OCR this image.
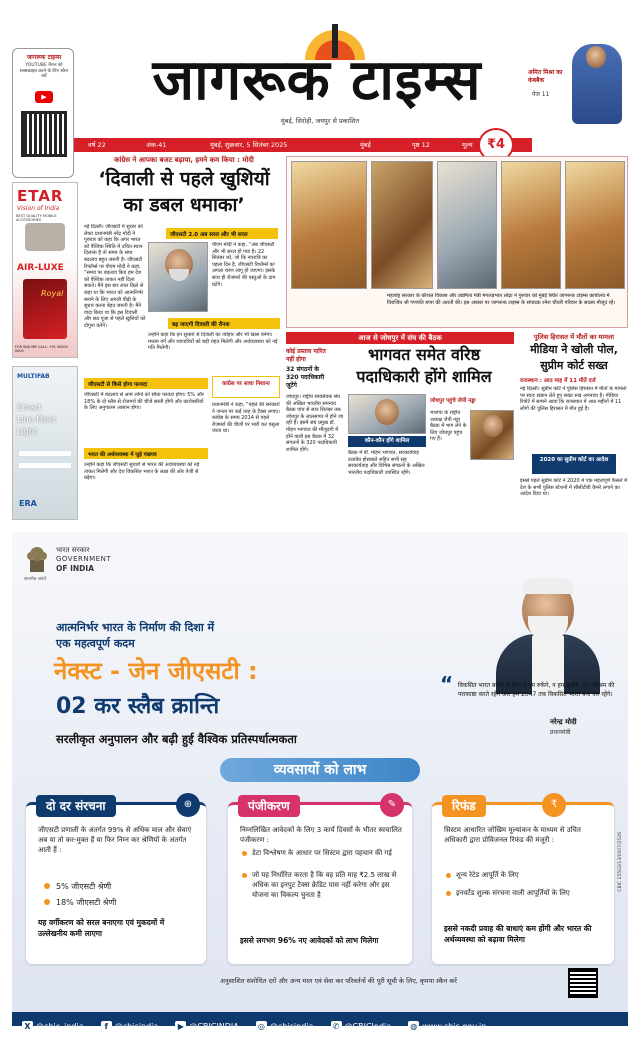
जागरूक टाइम्स
YOUTUBE चैनल को सब्सक्राइब करने के लिए स्कैन करें
▶	जागरूक टाइम्स
मुंबई, सिरोही, जयपुर से प्रकाशित
अमित मिश्रा का कंबबैक
पेज 11
वर्ष 22	अंक-41	मुंबई, शुक्रवार, 5 सितंबर 2025	मुंबई	पृष्ठ 12	मूल्य	₹4
ETAR
Vision of India
BEST QUALITY MOBILE ACCESSORIES
AIR-LUXE
Royal
FOR INQUIRY CALL: +91 00000 0000
MULTIFAB
Smart
Line Meet
Light
ERA
कांग्रेस ने आपका बजट बढ़ाया, हमने कम किया : मोदी
‘दिवाली से पहले खुशियों
का डबल धमाका’
नई दिल्ली। जीएसटी में सुधार को लेकर प्रधानमंत्री नरेंद्र मोदी ने गुरुवार को कहा कि अगर भारत को वैश्विक स्थिति में उचित स्थान दिलाना है तो समय के साथ बदलाव बहुत जरूरी है। जीएसटी रिफॉर्म्स पर पीएम मोदी ने कहा, “समय पर बदलाव किए हम देश को वैश्विक ताकत नहीं दिला सकते। मैंने इस बार लाल किले से कहा था कि भारत को आत्मनिर्भर बनाने के लिए अगली पीढ़ी के सुधार करना बेहद जरूरी है। मैंने वादा किया था कि इस दिवाली और छठ पूजा से पहले खुशियों को दोगुना करेंगे।
जीएसटी 2.0 अब सरल और भी सरल
पीएम मोदी ने कहा, “अब जीएसटी और भी सरल हो गया है। 22 सितंबर को, जो कि नवरात्रि का पहला दिन है, जीएसटी रिफॉर्म्स का अगला चरण लागू हो जाएगा। इसके साथ ही रोजमर्रा की वस्तुओं के दाम घटेंगे।
बढ़ जाएगी दिवाली की रौनक
उन्होंने कहा कि इन सुधारों से दिवाली का त्योहार और भी खास बनेगा। मध्यम वर्ग और व्यापारियों को बड़ी राहत मिलेगी और अर्थव्यवस्था को नई गति मिलेगी।
जीएसटी से किसे होगा फायदा
जीएसटी में बदलाव से आम लोगों को सीधा फायदा होगा। 5% और 18% के दो स्लैब से रोजमर्रा की चीजें सस्ती होंगी और कारोबारियों के लिए अनुपालन आसान होगा।
कांग्रेस पर साधा निशाना
प्रधानमंत्री ने कहा, “पहले की सरकारों ने जनता पर कई तरह के टैक्स लगाए। कांग्रेस के समय 2014 से पहले रोजमर्रा की चीजों पर भारी कर वसूला जाता था।
भारत की अर्थव्यवस्था में जुड़े पंखपत्र
उन्होंने कहा कि जीएसटी सुधारों से भारत की अर्थव्यवस्था को नई ताकत मिलेगी और देश विकसित भारत के लक्ष्य की ओर तेजी से बढ़ेगा।
महाराष्ट्र सरकार के कौशल विकास और उद्यमिता मंत्री मंगलप्रभात लोढ़ा ने गुरुवार को मुंबई स्थित जागरूक टाइम्स कार्यालय में विराजित श्री गणपति बप्पा की आरती की। इस अवसर पर जागरूक टाइम्स के संपादक रमेश चौधरी परिवार के सदस्य मौजूद रहे।
आज से जोधपुर में संघ की बैठक
कोई प्रस्ताव पारित नहीं होगा
32 संगठनों के 320 पदाधिकारी जुटेंगे
भागवत समेत वरिष्ठ
पदाधिकारी होंगे शामिल
जोधपुर। राष्ट्रीय स्वयंसेवक संघ की अखिल भारतीय समन्वय बैठक पांच से सात सितंबर तक जोधपुर के लालसागर में होने जा रही है। इसमें संघ प्रमुख डॉ. मोहन भागवत की मौजूदगी में होने वाली इस बैठक में 32 संगठनों के 320 पदाधिकारी शामिल होंगे।
कौन-कौन होंगे शामिल
बैठक में डॉ. मोहन भागवत, सरकार्यवाह दत्तात्रेय होसबाले सहित सभी सह सरकार्यवाह और विभिन्न संगठनों के अखिल भारतीय पदाधिकारी उपस्थित रहेंगे।
जोधपुर पहुंचे जेपी नड्डा
भाजपा के राष्ट्रीय अध्यक्ष जेपी नड्डा बैठक में भाग लेने के लिए जोधपुर पहुंच गए हैं।
पुलिस हिरासत में मौतों का मामला
मीडिया ने खोली पोल,
सुप्रीम कोर्ट सख्त
राजस्थान : आठ माह में 11 मौतें दर्ज
नई दिल्ली। सुप्रीम कोर्ट ने पुलिस हिरासत में मौतों के मामलों पर स्वतः संज्ञान लेते हुए सख्त रुख अपनाया है। मीडिया रिपोर्ट में सामने आया कि राजस्थान में आठ महीनों में 11 लोगों की पुलिस हिरासत में मौत हुई है।
2020 का सुप्रीम कोर्ट का आदेश
इससे पहले सुप्रीम कोर्ट ने 2020 में एक महत्वपूर्ण फैसले में देश के सभी पुलिस स्टेशनों में सीसीटीवी कैमरे लगाने का आदेश दिया था।
भारत सरकार
GOVERNMENT
OF INDIA
सत्यमेव जयते
आत्मनिर्भर भारत के निर्माण की दिशा में
एक महत्वपूर्ण कदम
नेक्स्ट - जेन जीएसटी :
02 कर स्लैब क्रान्ति
सरलीकृत अनुपालन और बढ़ी हुई वैश्विक प्रतिस्पर्धात्मकता
“ विकसित भारत बनाने के लिए न हम रुकेंगे, न हम झुकेंगे, हम परिश्रम की पराकाष्ठा करते रहेंगे और हम 2047 तक विकसित भारत बना कर रहेंगे।
नरेन्द्र मोदी
प्रधानमंत्री
व्यवसायों को लाभ
दो दर संरचना	⊕
जीएसटी प्रणाली के अंतर्गत 99% से अधिक माल और सेवाएं अब या तो कर-मुक्त हैं या फिर निम्न कर श्रेणियों के अंतर्गत आती हैं :
5% जीएसटी श्रेणी
18% जीएसटी श्रेणी
यह वर्गीकरण को सरल बनाएगा एवं मुकदमों में उल्लेखनीय कमी लाएगा
पंजीकरण	✎
निम्नलिखित आवेदकों के लिए 3 कार्य दिवसों के भीतर स्वचालित पंजीकरण :
डेटा विश्लेषण के आधार पर सिस्टम द्वारा पहचान की गई
जो यह निर्धारित करता है कि वह प्रति माह ₹2.5 लाख से अधिक का इनपुट टैक्स क्रेडिट पास नहीं करेगा और इस योजना का विकल्प चुनता है
इससे लगभग 96% नए आवेदकों को लाभ मिलेगा
रिफंड	₹
सिस्टम आधारित जोखिम मूल्यांकन के माध्यम से उचित अधिकारी द्वारा प्रोविजनल रिफंड की मंजूरी :
शून्य रेटेड आपूर्ति के लिए
इनवर्टेड शुल्क संरचना वाली आपूर्तियों के लिए
इससे नकदी प्रवाह की बाधाएं कम होंगी और भारत की अर्थव्यवस्था को बढ़ावा मिलेगा
अनुसाशित संशोधित दरों और अन्य माल एवं सेवा कर परिवर्तनों की पूरी सूची के लिए, कृपया स्कैन करें
CBIC 15502/13/0007/2526
X @cbic_india	f @cbicindia ▶ @CBICINDIA ◎ @cbicindia ✆ @CBICIndia ◍ www.cbic.gov.in
